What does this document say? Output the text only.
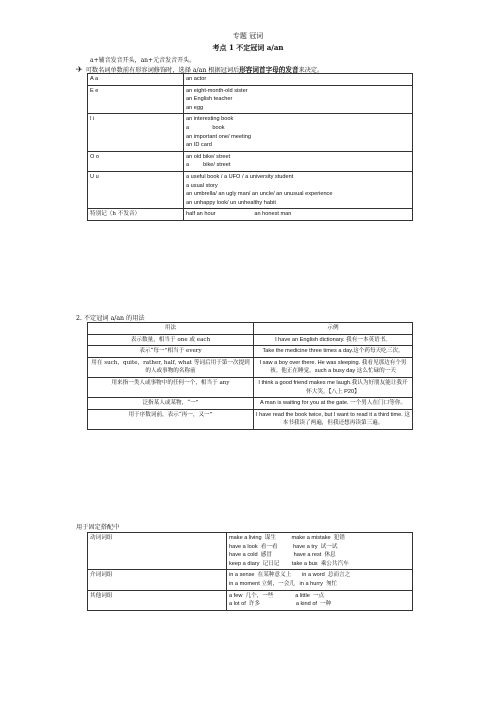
专题 冠词
考点 1 不定冠词 a/an
a+辅音发音开头，an+元音发音开头。
✈ 可数名词单数前有形容词修饰时，选择 a/an 根据冠词后形容词首字母的发音来决定。
A a	an actor

E e	an eight-month-old sister
an English teacher
an egg

I i	an interesting book
a               book
an important one/ meeting
an ID card

O o	an old bike/ street
a         bike/ street

U u	a useful book / a UFO / a university student
a usual story
an umbrella/ an ugly man/ an uncle/ an unusual experience
an unhappy look/ un unhealthy habit

特别记（h 不发音）	half an hour                         an honest man
2. 不定冠词 a/an 的用法
用法	示例
表示数量，相当于 one 或 each	I have an English dictionary. 我有一本英语书。
表示“每一”相当于 every	Take the medicine three times a day.这个药每天吃三次。
用在 such，quite，rather, half, what 等词后用于第一次提到的人或事物的名称前	I saw a boy over there. He was sleeping. 我看见那边有个男孩。他正在睡觉。such a busy day 这么忙碌的一天
用来指一类人或事物中的任何一个，相当于 any	I think a good friend makes me laugh.我认为好朋友能让我开怀大笑。【八上 P20】
泛指某人或某物，“一”	A man is waiting for you at the gate. 一个男人在门口等你。
用于序数词前，表示“再一，又一”	I have read the book twice, but I want to read it a third time. 这本书我读了两遍，但我还想再读第三遍。
用于固定搭配中
动词词组	make a living  谋生          make a mistake  犯错
have a look  看一看          have a try  试一试
have a cold  感冒              have a rest  休息
keep a diary  记日记        take a bus  乘公共汽车

介词词组	in a sense  在某种意义上       in a word  总而言之
in a moment 立刻，一会儿   in a hurry  匆忙

其他词组	a few  几个，一些              a little  一点
a lot of  许多                       a kind of  一种
